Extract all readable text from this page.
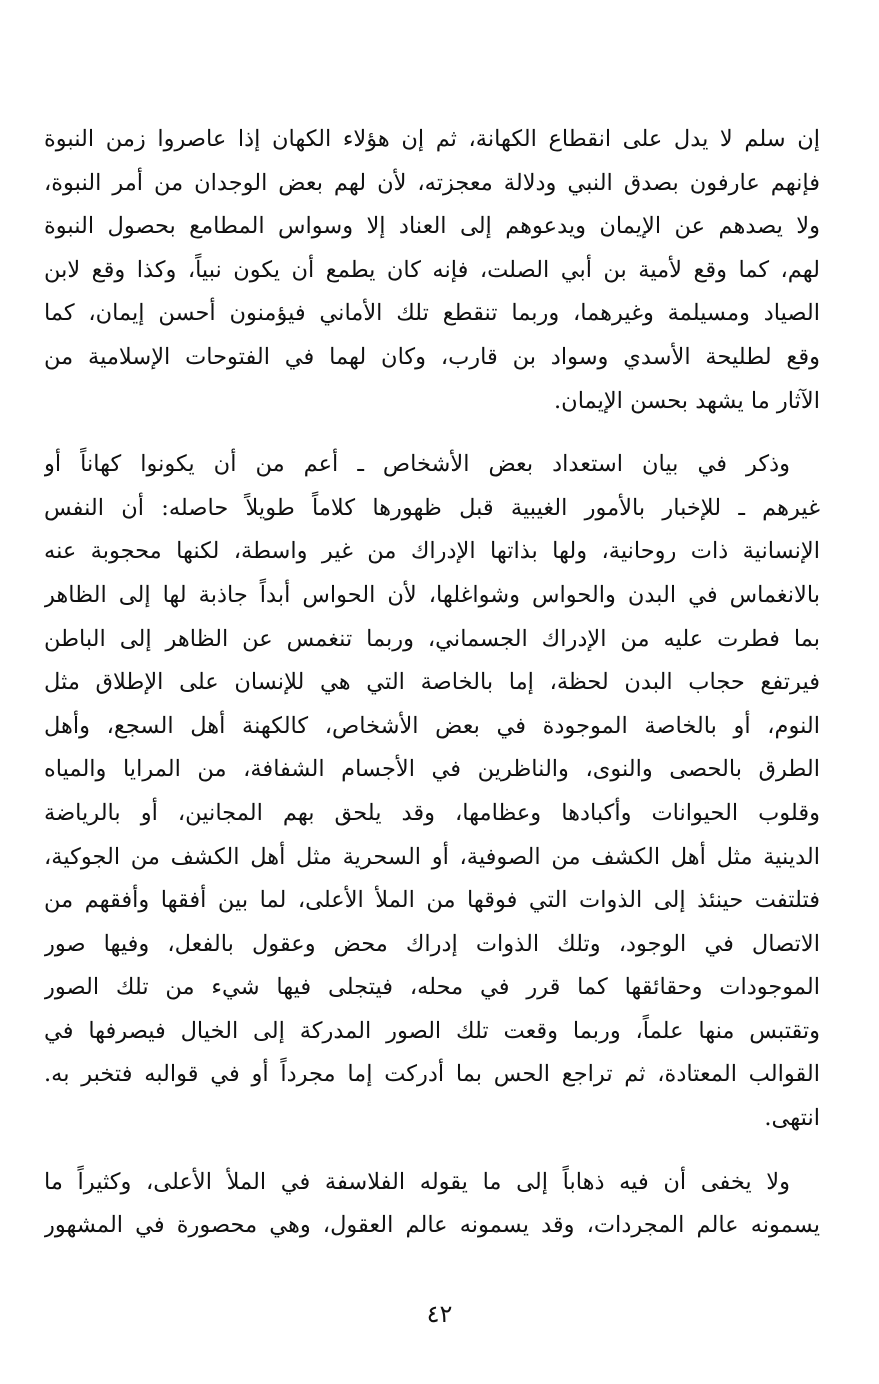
إن سلم لا يدل على انقطاع الكهانة، ثم إن هؤلاء الكهان إذا عاصروا زمن النبوة
فإنهم عارفون بصدق النبي ودلالة معجزته، لأن لهم بعض الوجدان من أمر النبوة،
ولا يصدهم عن الإيمان ويدعوهم إلى العناد إلا وسواس المطامع بحصول النبوة
لهم، كما وقع لأمية بن أبي الصلت، فإنه كان يطمع أن يكون نبياً، وكذا وقع لابن
الصياد ومسيلمة وغيرهما، وربما تنقطع تلك الأماني فيؤمنون أحسن إيمان، كما
وقع لطليحة الأسدي وسواد بن قارب، وكان لهما في الفتوحات الإسلامية من
الآثار ما يشهد بحسن الإيمان.

وذكر في بيان استعداد بعض الأشخاص ـ أعم من أن يكونوا كهاناً أو
غيرهم ـ للإخبار بالأمور الغيبية قبل ظهورها كلاماً طويلاً حاصله: أن النفس
الإنسانية ذات روحانية، ولها بذاتها الإدراك من غير واسطة، لكنها محجوبة عنه
بالانغماس في البدن والحواس وشواغلها، لأن الحواس أبداً جاذبة لها إلى الظاهر
بما فطرت عليه من الإدراك الجسماني، وربما تنغمس عن الظاهر إلى الباطن
فيرتفع حجاب البدن لحظة، إما بالخاصة التي هي للإنسان على الإطلاق مثل
النوم، أو بالخاصة الموجودة في بعض الأشخاص، كالكهنة أهل السجع، وأهل
الطرق بالحصى والنوى، والناظرين في الأجسام الشفافة، من المرايا والمياه
وقلوب الحيوانات وأكبادها وعظامها، وقد يلحق بهم المجانين، أو بالرياضة
الدينية مثل أهل الكشف من الصوفية، أو السحرية مثل أهل الكشف من الجوكية،
فتلتفت حينئذ إلى الذوات التي فوقها من الملأ الأعلى، لما بين أفقها وأفقهم من
الاتصال في الوجود، وتلك الذوات إدراك محض وعقول بالفعل، وفيها صور
الموجودات وحقائقها كما قرر في محله، فيتجلى فيها شيء من تلك الصور
وتقتبس منها علماً، وربما وقعت تلك الصور المدركة إلى الخيال فيصرفها في
القوالب المعتادة، ثم تراجع الحس بما أدركت إما مجرداً أو في قوالبه فتخبر به.
انتهى.

ولا يخفى أن فيه ذهاباً إلى ما يقوله الفلاسفة في الملأ الأعلى، وكثيراً ما
يسمونه عالم المجردات، وقد يسمونه عالم العقول، وهي محصورة في المشهور

٤٢
